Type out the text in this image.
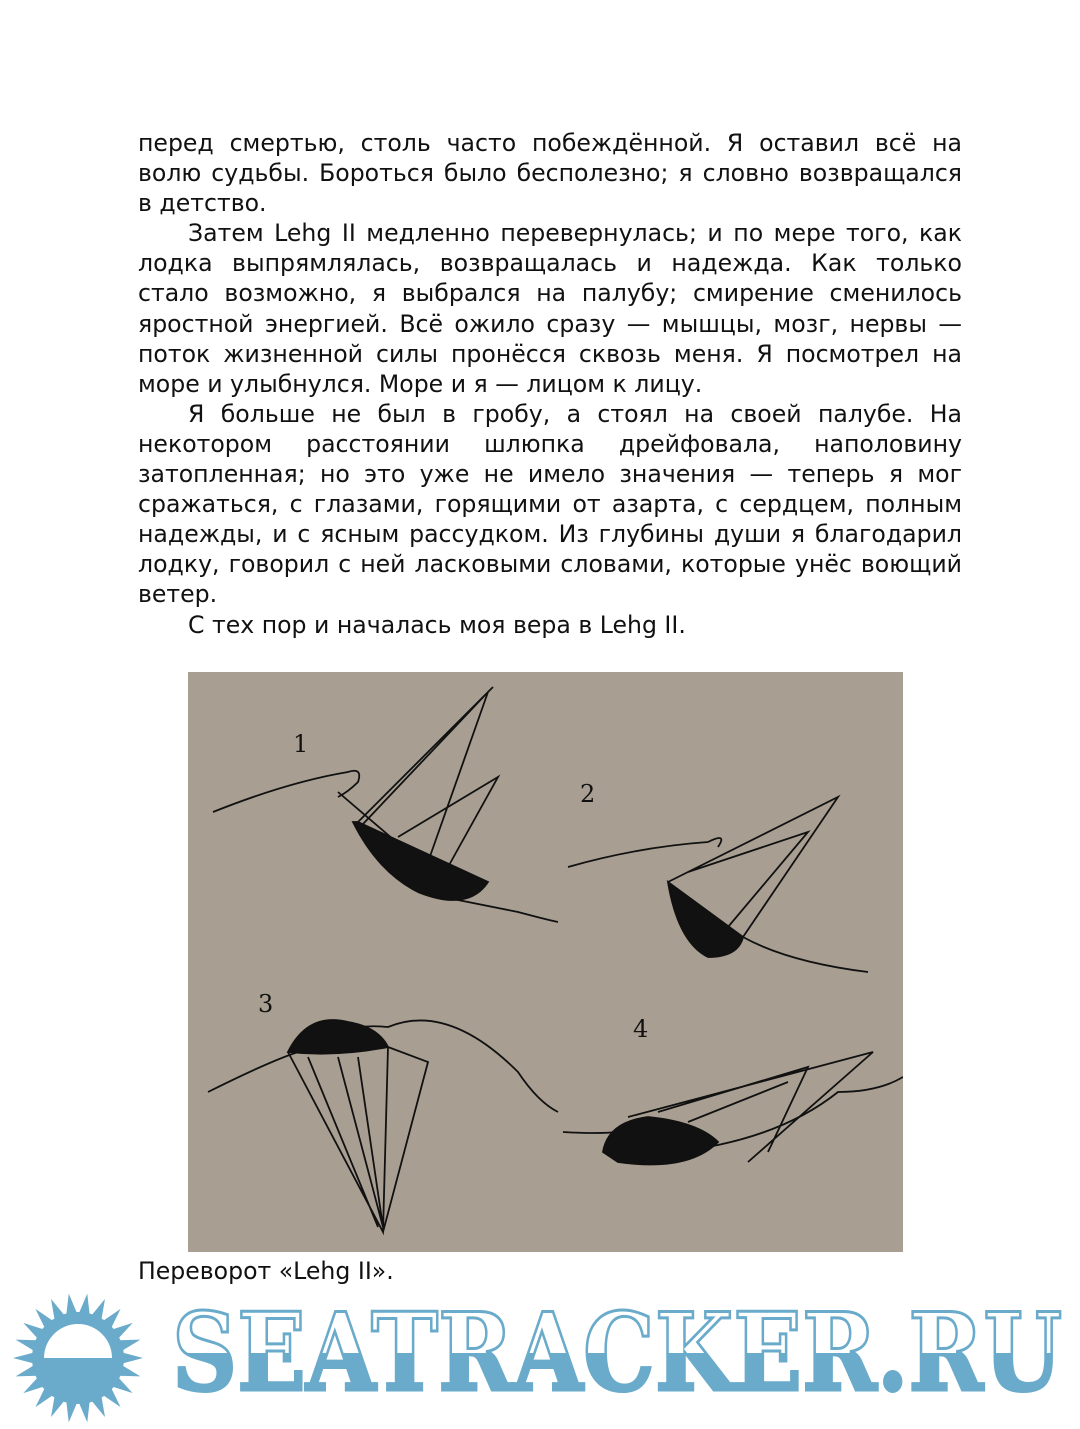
перед смертью, столь часто побеждённой. Я оставил всё на волю судьбы. Бороться было бесполезно; я словно возвращался в детство.

Затем Lehg II медленно перевернулась; и по мере того, как лодка выпрямлялась, возвращалась и надежда. Как только стало возможно, я выбрался на палубу; смирение сменилось яростной энергией. Всё ожило сразу — мышцы, мозг, нервы — поток жизненной силы пронёсся сквозь меня. Я посмотрел на море и улыбнулся. Море и я — лицом к лицу.

Я больше не был в гробу, а стоял на своей палубе. На некотором расстоянии шлюпка дрейфовала, наполовину затопленная; но это уже не имело значения — теперь я мог сражаться, с глазами, горящими от азарта, с сердцем, полным надежды, и с ясным рассудком. Из глубины души я благодарил лодку, говорил с ней ласковыми словами, которые унёс воющий ветер.

С тех пор и началась моя вера в Lehg II.

1
2
3
4
Переворот «Lehg II».
SEATRACKER.RU
